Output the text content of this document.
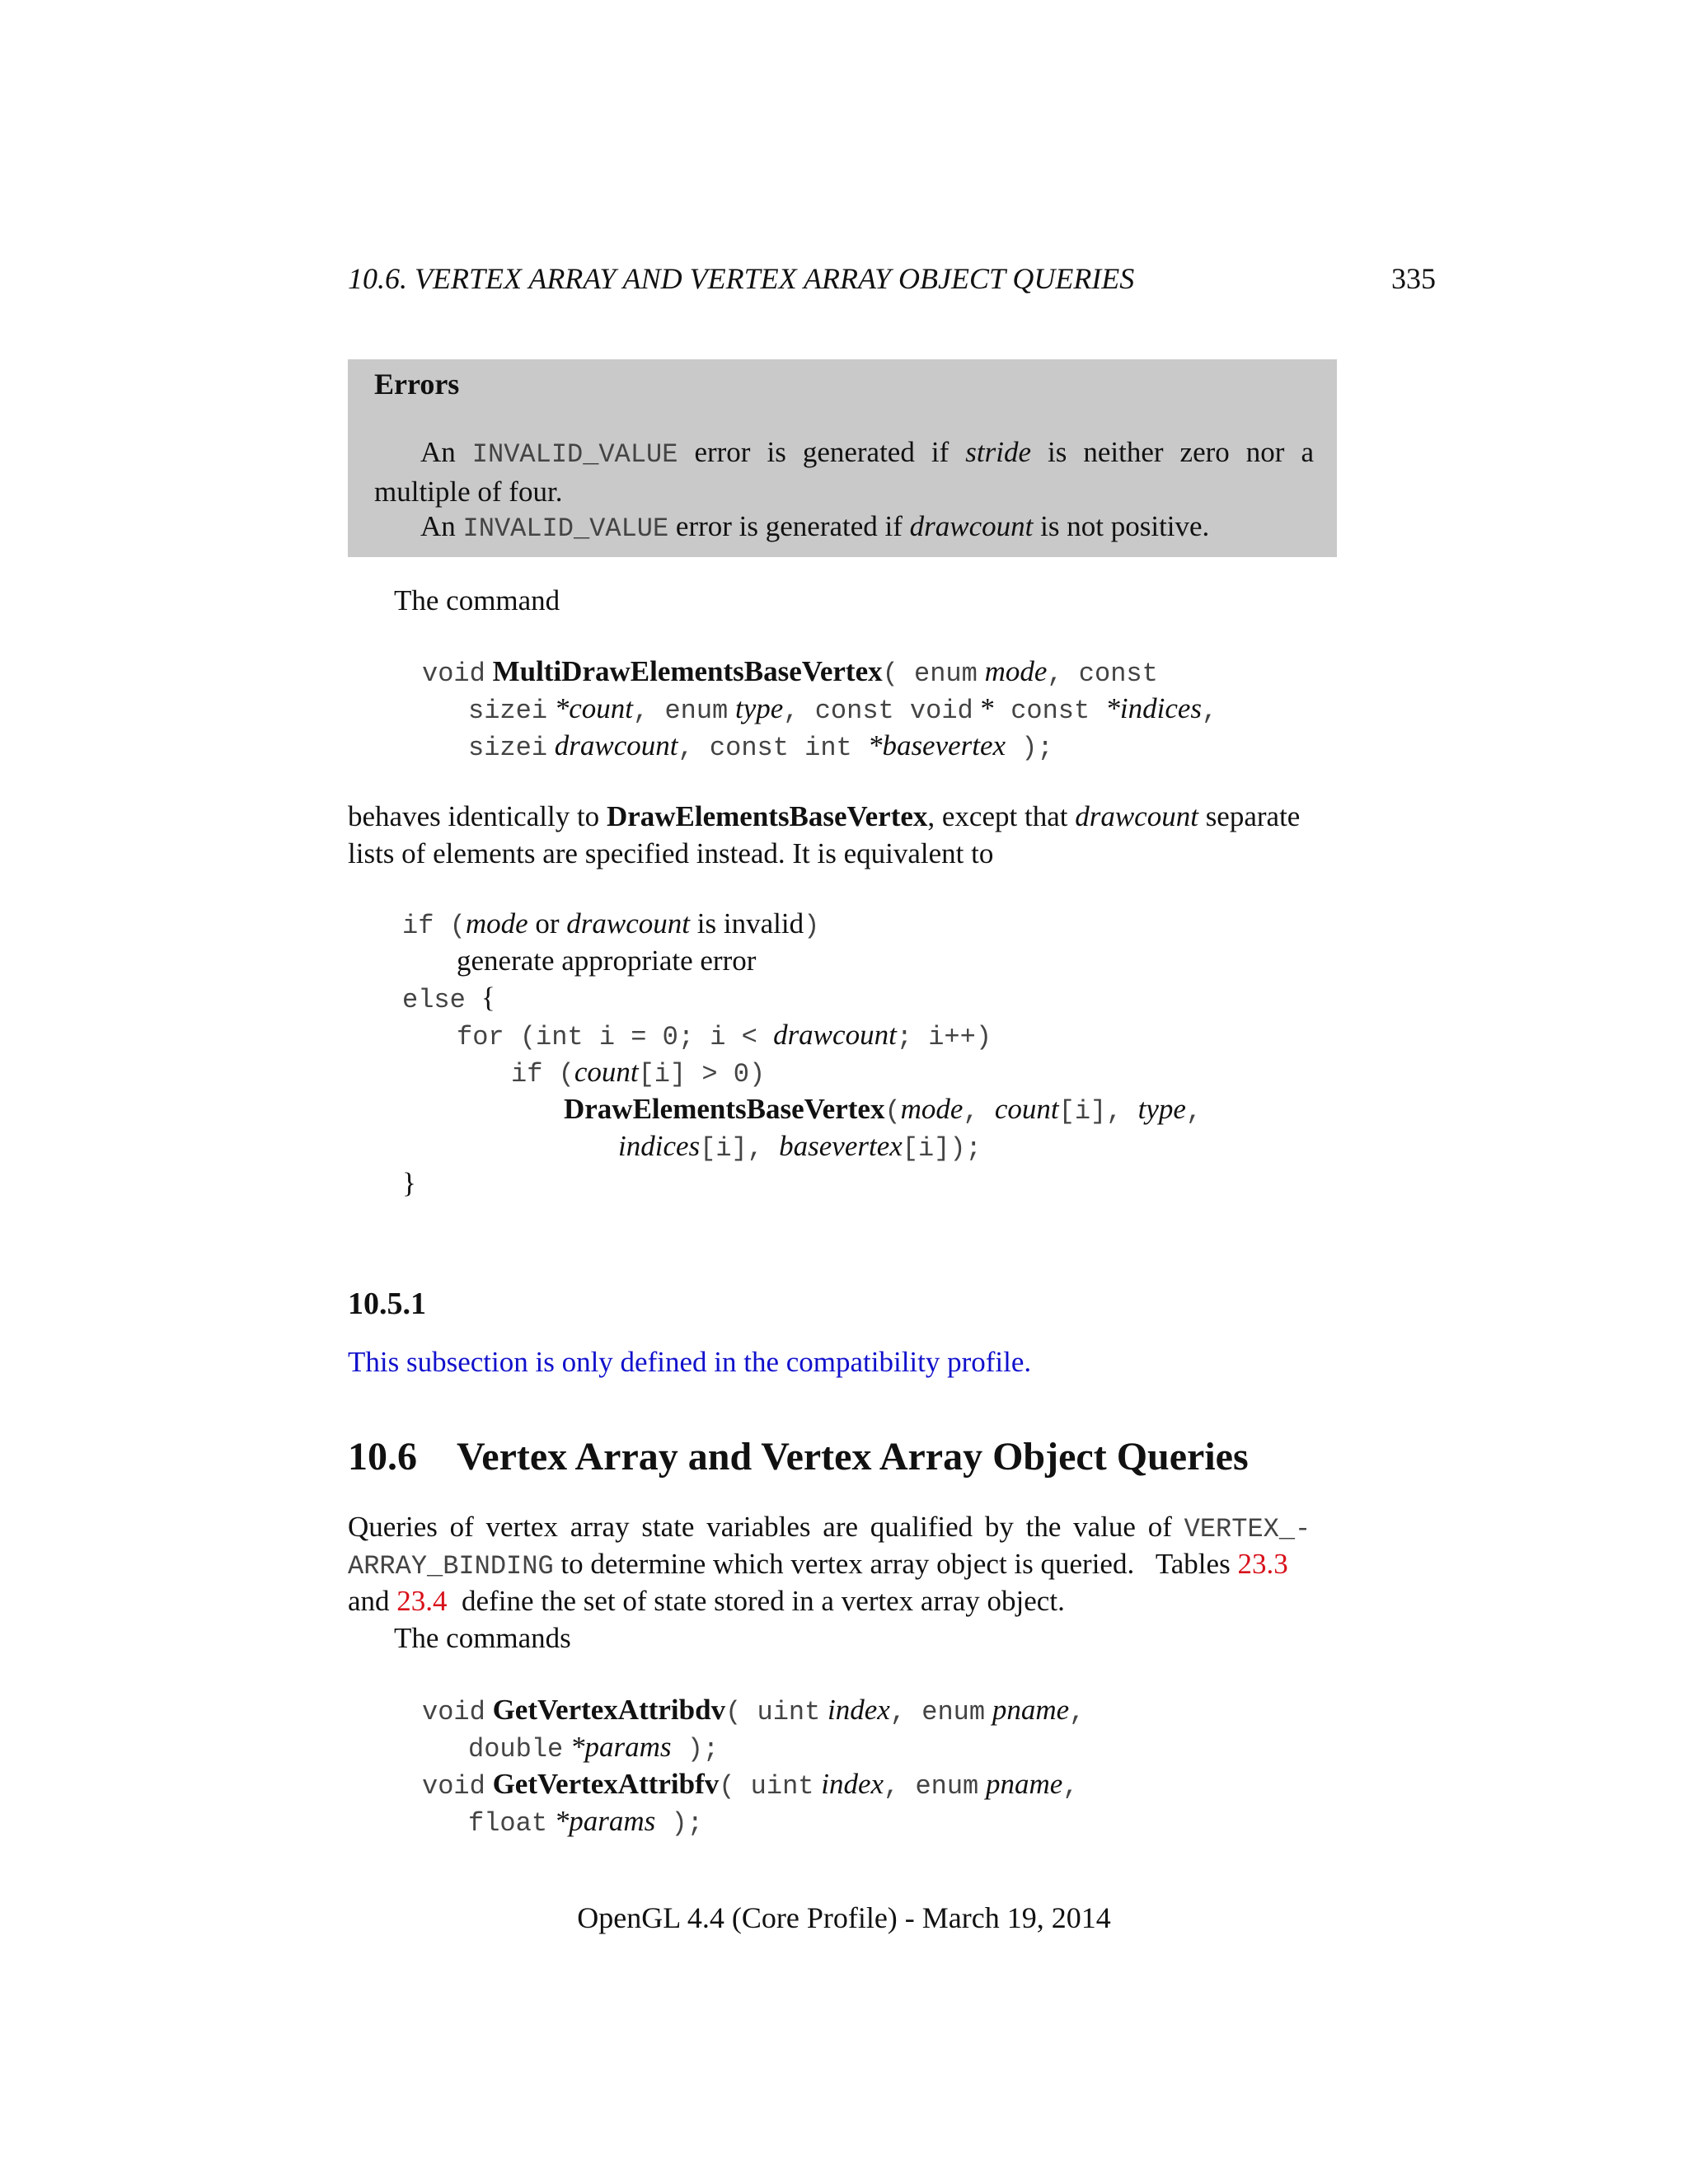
10.6. VERTEX ARRAY AND VERTEX ARRAY OBJECT QUERIES	335
Errors
An INVALID_VALUE error is generated if stride is neither zero nor a multiple of four.
An INVALID_VALUE error is generated if drawcount is not positive.
The command
void MultiDrawElementsBaseVertex( enum mode, const
sizei *count, enum type, const void * const *indices,
sizei drawcount, const int *basevertex );
behaves identically to DrawElementsBaseVertex, except that drawcount separate
lists of elements are specified instead. It is equivalent to
if (mode or drawcount is invalid)
generate appropriate error
else {
for (int i = 0; i < drawcount; i++)
if (count[i] > 0)
DrawElementsBaseVertex(mode, count[i], type,
indices[i], basevertex[i]);
}
10.5.1
This subsection is only defined in the compatibility profile.
10.6 Vertex Array and Vertex Array Object Queries
Queries of vertex array state variables are qualified by the value of VERTEX_-
ARRAY_BINDING to determine which vertex array object is queried.   Tables 23.3
and 23.4  define the set of state stored in a vertex array object.
The commands
void GetVertexAttribdv( uint index, enum pname,
double *params );
void GetVertexAttribfv( uint index, enum pname,
float *params );
OpenGL 4.4 (Core Profile) - March 19, 2014
